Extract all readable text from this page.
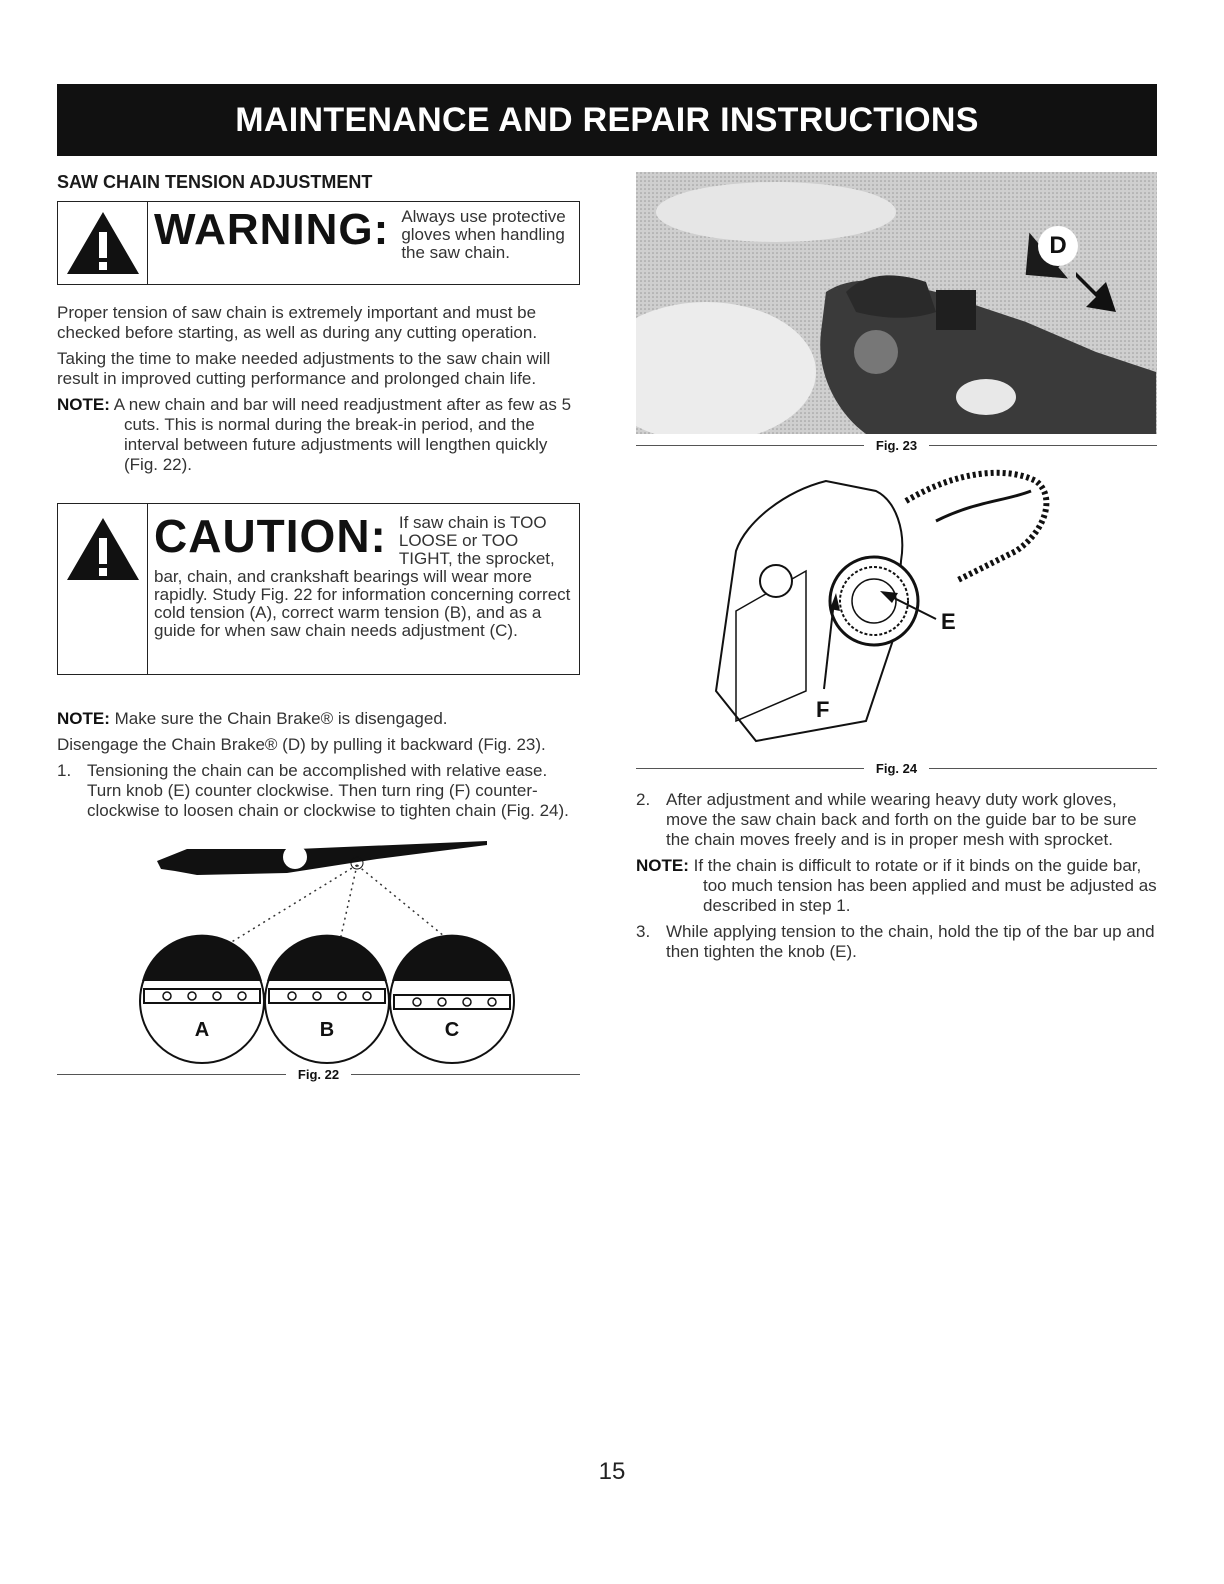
MAINTENANCE AND REPAIR INSTRUCTIONS
SAW CHAIN TENSION ADJUSTMENT
WARNING: Always use protective gloves when handling the saw chain.

Proper tension of saw chain is extremely important and must be checked before starting, as well as during any cutting operation.

Taking the time to make needed adjustments to the saw chain will result in improved cutting performance and prolonged chain life.

NOTE: A new chain and bar will need readjustment after as few as 5 cuts. This is normal during the break-in period, and the interval between future adjustments will lengthen quickly (Fig. 22).

CAUTION: If saw chain is TOO LOOSE or TOO TIGHT, the sprocket, bar, chain, and crankshaft bearings will wear more rapidly. Study Fig. 22 for information concerning correct cold tension (A), correct warm tension (B), and as a guide for when saw chain needs adjustment (C).

NOTE: Make sure the Chain Brake® is disengaged.

Disengage the Chain Brake® (D) by pulling it backward (Fig. 23).

1. Tensioning the chain can be accomplished with relative ease. Turn knob (E) counter clockwise. Then turn ring (F) counter-clockwise to loosen chain or clockwise to tighten chain (Fig. 24).

A	B	C
Fig. 22
D
Fig. 23
E
F
Fig. 24

2. After adjustment and while wearing heavy duty work gloves, move the saw chain back and forth on the guide bar to be sure the chain moves freely and is in proper mesh with sprocket.

NOTE: If the chain is difficult to rotate or if it binds on the guide bar, too much tension has been applied and must be adjusted as described in step 1.

3. While applying tension to the chain, hold the tip of the bar up and then tighten the knob (E).

15
